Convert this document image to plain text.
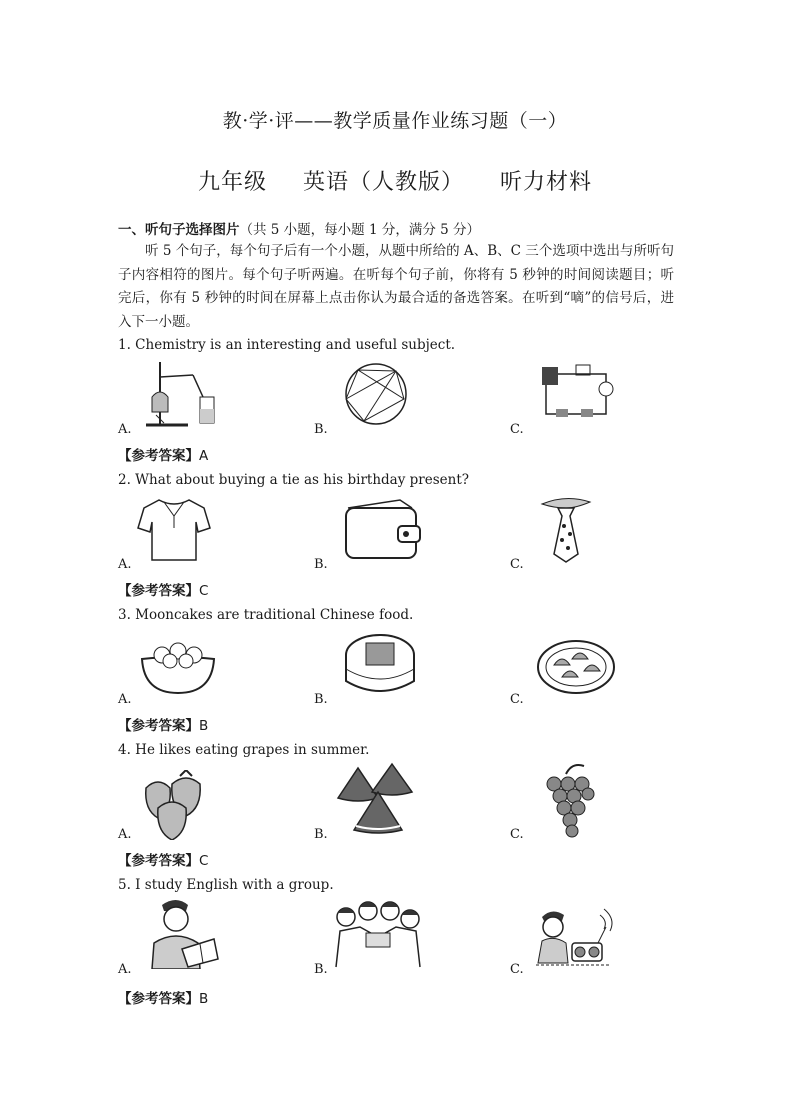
教·学·评——教学质量作业练习题（一）
九年级 英语（人教版） 听力材料
一、听句子选择图片（共 5 小题，每小题 1 分，满分 5 分）
听 5 个句子，每个句子后有一个小题，从题中所给的 A、B、C 三个选项中选出与所听句子内容相符的图片。每个句子听两遍。在听每个句子前，你将有 5 秒钟的时间阅读题目；听完后，你有 5 秒钟的时间在屏幕上点击你认为最合适的备选答案。在听到“嘀”的信号后，进入下一小题。
1. Chemistry is an interesting and useful subject.
A.	B.	C.
【参考答案】A
2. What about buying a tie as his birthday present?
A.	B.	C.
【参考答案】C
3. Mooncakes are traditional Chinese food.
A.	B.	C.
【参考答案】B
4. He likes eating grapes in summer.
A.	B.	C.
【参考答案】C
5. I study English with a group.
A.	B.	C.
【参考答案】B
